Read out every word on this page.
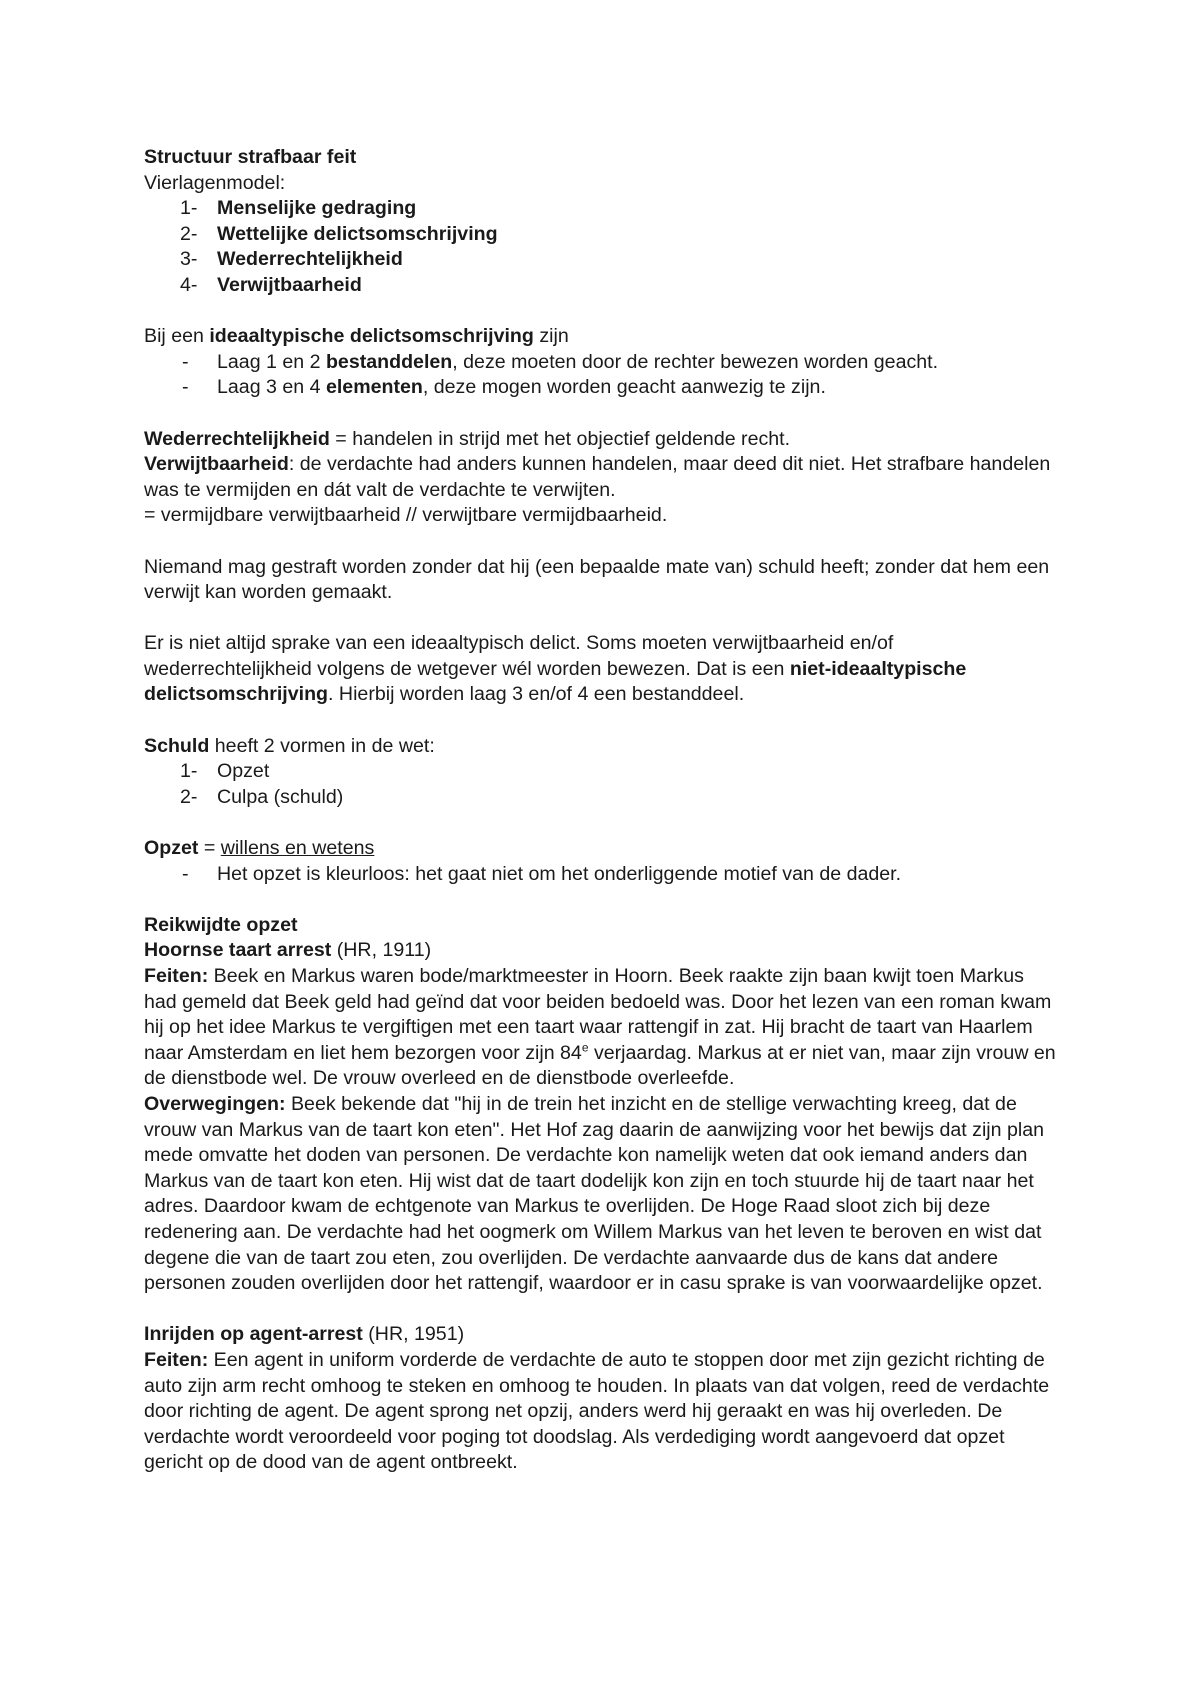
Structuur strafbaar feit

Vierlagenmodel:

1- Menselijke gedraging
2- Wettelijke delictsomschrijving
3- Wederrechtelijkheid
4- Verwijtbaarheid

Bij een ideaaltypische delictsomschrijving zijn

- Laag 1 en 2 bestanddelen, deze moeten door de rechter bewezen worden geacht.
- Laag 3 en 4 elementen, deze mogen worden geacht aanwezig te zijn.

Wederrechtelijkheid = handelen in strijd met het objectief geldende recht.

Verwijtbaarheid: de verdachte had anders kunnen handelen, maar deed dit niet. Het strafbare handelen was te vermijden en dát valt de verdachte te verwijten.

= vermijdbare verwijtbaarheid // verwijtbare vermijdbaarheid.

Niemand mag gestraft worden zonder dat hij (een bepaalde mate van) schuld heeft; zonder dat hem een verwijt kan worden gemaakt.

Er is niet altijd sprake van een ideaaltypisch delict. Soms moeten verwijtbaarheid en/of wederrechtelijkheid volgens de wetgever wél worden bewezen. Dat is een niet-ideaaltypische delictsomschrijving. Hierbij worden laag 3 en/of 4 een bestanddeel.

Schuld heeft 2 vormen in de wet:

1- Opzet
2- Culpa (schuld)

Opzet = willens en wetens

- Het opzet is kleurloos: het gaat niet om het onderliggende motief van de dader.

Reikwijdte opzet

Hoornse taart arrest (HR, 1911)

Feiten: Beek en Markus waren bode/marktmeester in Hoorn. Beek raakte zijn baan kwijt toen Markus had gemeld dat Beek geld had geïnd dat voor beiden bedoeld was. Door het lezen van een roman kwam hij op het idee Markus te vergiftigen met een taart waar rattengif in zat. Hij bracht de taart van Haarlem naar Amsterdam en liet hem bezorgen voor zijn 84e verjaardag. Markus at er niet van, maar zijn vrouw en de dienstbode wel. De vrouw overleed en de dienstbode overleefde.

Overwegingen: Beek bekende dat "hij in de trein het inzicht en de stellige verwachting kreeg, dat de vrouw van Markus van de taart kon eten". Het Hof zag daarin de aanwijzing voor het bewijs dat zijn plan mede omvatte het doden van personen. De verdachte kon namelijk weten dat ook iemand anders dan Markus van de taart kon eten. Hij wist dat de taart dodelijk kon zijn en toch stuurde hij de taart naar het adres. Daardoor kwam de echtgenote van Markus te overlijden. De Hoge Raad sloot zich bij deze redenering aan. De verdachte had het oogmerk om Willem Markus van het leven te beroven en wist dat degene die van de taart zou eten, zou overlijden. De verdachte aanvaarde dus de kans dat andere personen zouden overlijden door het rattengif, waardoor er in casu sprake is van voorwaardelijke opzet.

Inrijden op agent-arrest (HR, 1951)

Feiten: Een agent in uniform vorderde de verdachte de auto te stoppen door met zijn gezicht richting de auto zijn arm recht omhoog te steken en omhoog te houden. In plaats van dat volgen, reed de verdachte door richting de agent. De agent sprong net opzij, anders werd hij geraakt en was hij overleden. De verdachte wordt veroordeeld voor poging tot doodslag. Als verdediging wordt aangevoerd dat opzet gericht op de dood van de agent ontbreekt.
